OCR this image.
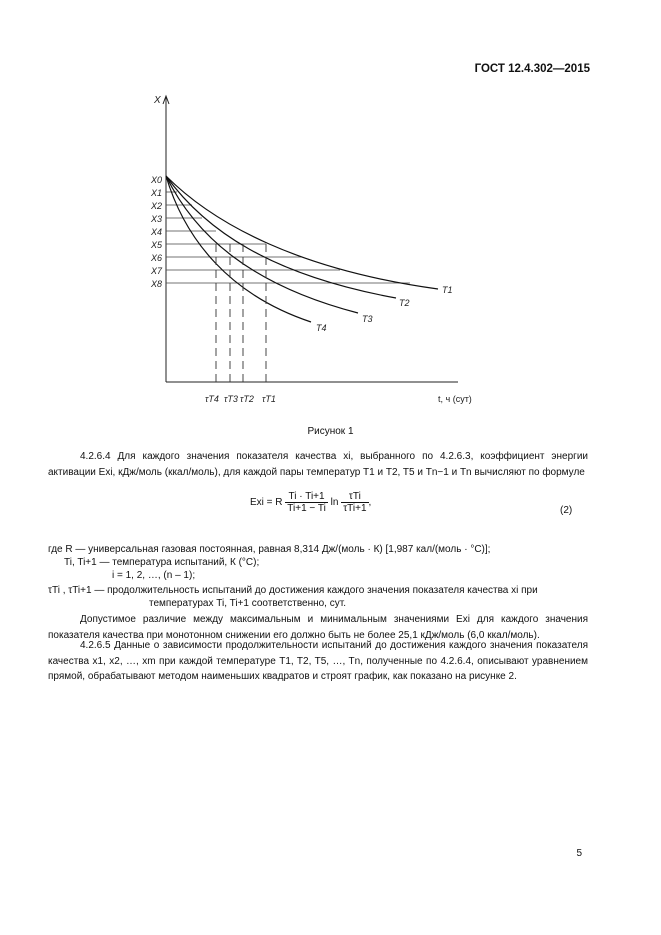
ГОСТ 12.4.302—2015
X
t, ч (сут)
X0
X1
X2
X3
X4
X5
X6
X7
X8
T1
T2
T3
T4
τT4 τT3 τT2 τT1
Рисунок 1
4.2.6.4 Для каждого значения показателя качества xi, выбранного по 4.2.6.3, коэффициент энергии активации Exi, кДж/моль (ккал/моль), для каждой пары температур T1 и T2, T5 и Tn−1 и Tn вычисляют по формуле
Exi = R $\frac{Ti \cdot Ti+1}{Ti+1 - Ti}$ $\ln \frac{\text{τTi}}{\text{τTi+1}}$ ,
(2)
где R — универсальная газовая постоянная, равная 8,314 Дж/(моль · К) [1,987 кал/(моль · °С)];
Ti, Ti+1 — температура испытаний, К (°С);
i = 1, 2, …, (n – 1);
τTi , τTi+1 — продолжительность испытаний до достижения каждого значения показателя качества xi при
температурах Ti, Ti+1 соответственно, сут.
Допустимое различие между максимальным и минимальным значениями Exi для каждого значения показателя качества при монотонном снижении его должно быть не более 25,1 кДж/моль (6,0 ккал/моль).
4.2.6.5 Данные о зависимости продолжительности испытаний до достижения каждого значения показателя качества x1, x2, …, xm при каждой температуре T1, T2, T5, …, Tn, полученные по 4.2.6.4, описывают уравнением прямой, обрабатывают методом наименьших квадратов и строят график, как показано на рисунке 2.
5
